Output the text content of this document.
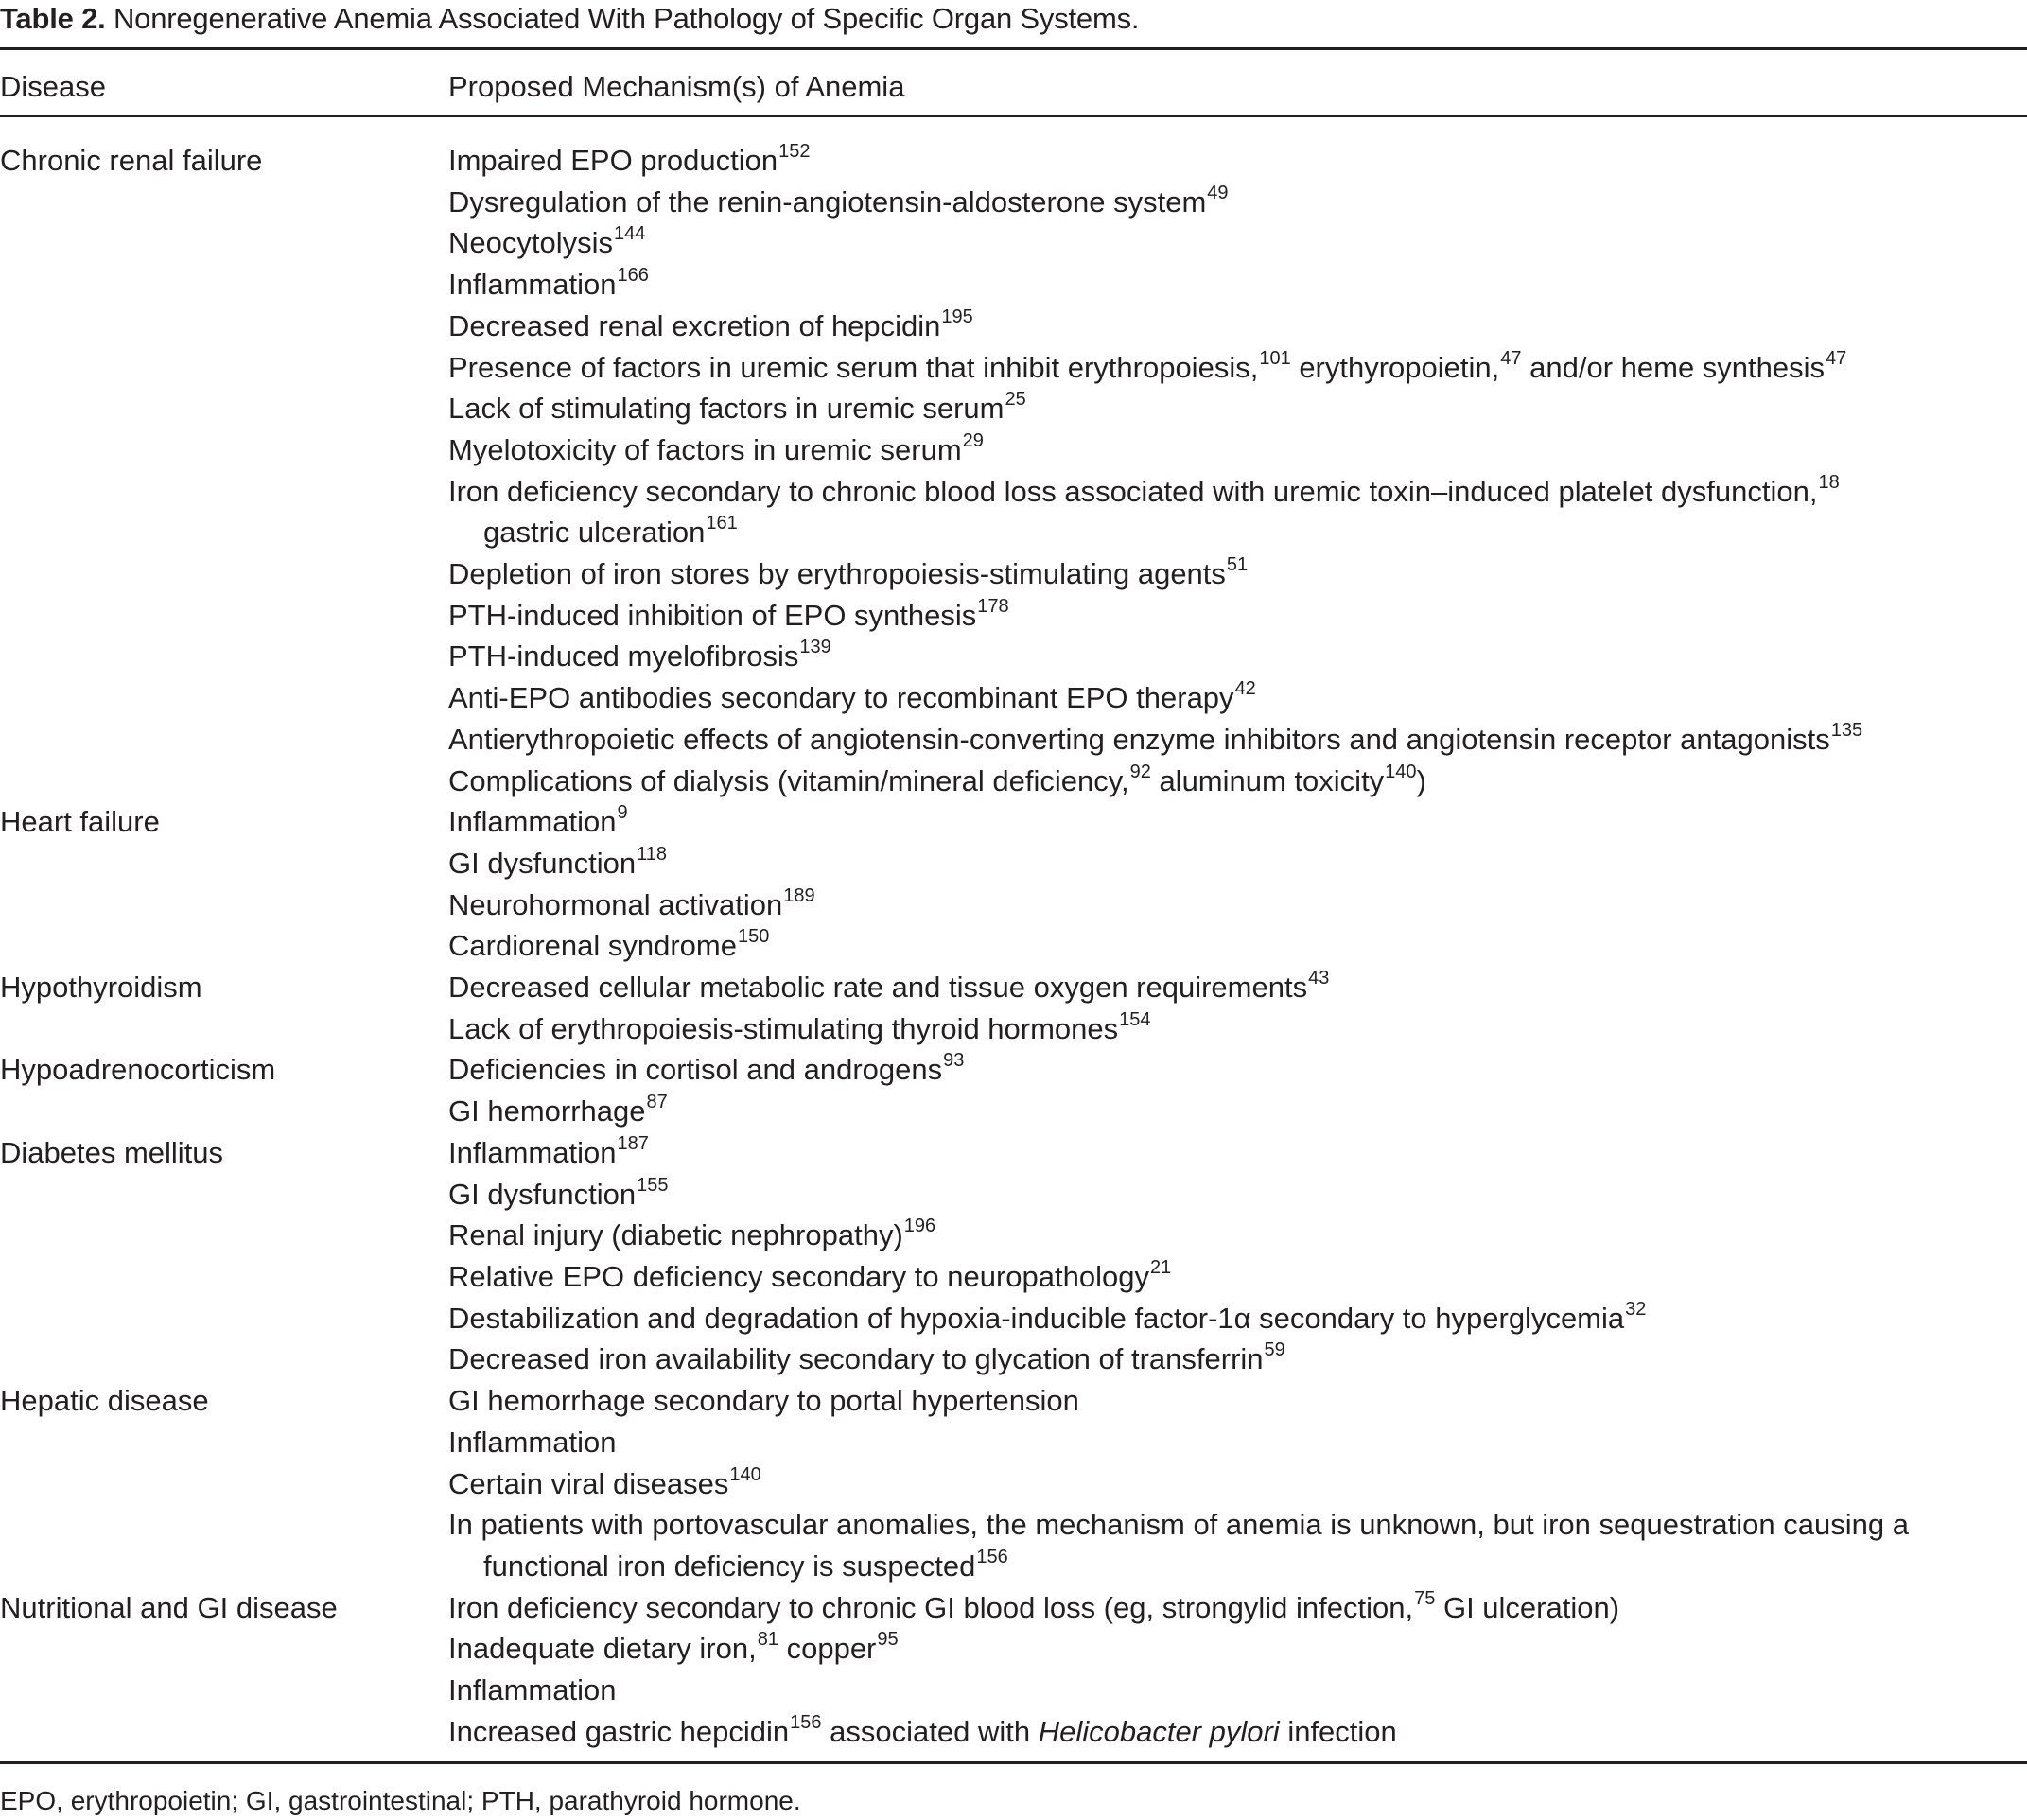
Table 2. Nonregenerative Anemia Associated With Pathology of Specific Organ Systems.
Disease	Proposed Mechanism(s) of Anemia
Chronic renal failure	Impaired EPO production$^{152}$
Dysregulation of the renin-angiotensin-aldosterone system$^{49}$
Neocytolysis$^{144}$
Inflammation$^{166}$
Decreased renal excretion of hepcidin$^{195}$
Presence of factors in uremic serum that inhibit erythropoiesis,$^{101}$ erythyropoietin,$^{47}$ and/or heme synthesis$^{47}$
Lack of stimulating factors in uremic serum$^{25}$
Myelotoxicity of factors in uremic serum$^{29}$
Iron deficiency secondary to chronic blood loss associated with uremic toxin–induced platelet dysfunction,$^{18}$
gastric ulceration$^{161}$
Depletion of iron stores by erythropoiesis-stimulating agents$^{51}$
PTH-induced inhibition of EPO synthesis$^{178}$
PTH-induced myelofibrosis$^{139}$
Anti-EPO antibodies secondary to recombinant EPO therapy$^{42}$
Antierythropoietic effects of angiotensin-converting enzyme inhibitors and angiotensin receptor antagonists$^{135}$
Complications of dialysis (vitamin/mineral deficiency,$^{92}$ aluminum toxicity$^{140}$)
Heart failure	Inflammation$^9$
GI dysfunction$^{118}$
Neurohormonal activation$^{189}$
Cardiorenal syndrome$^{150}$
Hypothyroidism	Decreased cellular metabolic rate and tissue oxygen requirements$^{43}$
Lack of erythropoiesis-stimulating thyroid hormones$^{154}$
Hypoadrenocorticism	Deficiencies in cortisol and androgens$^{93}$
GI hemorrhage$^{87}$
Diabetes mellitus	Inflammation$^{187}$
GI dysfunction$^{155}$
Renal injury (diabetic nephropathy)$^{196}$
Relative EPO deficiency secondary to neuropathology$^{21}$
Destabilization and degradation of hypoxia-inducible factor-1α secondary to hyperglycemia$^{32}$
Decreased iron availability secondary to glycation of transferrin$^{59}$
Hepatic disease	GI hemorrhage secondary to portal hypertension
Inflammation
Certain viral diseases$^{140}$
In patients with portovascular anomalies, the mechanism of anemia is unknown, but iron sequestration causing a
functional iron deficiency is suspected$^{156}$
Nutritional and GI disease	Iron deficiency secondary to chronic GI blood loss (eg, strongylid infection,$^{75}$ GI ulceration)
Inadequate dietary iron,$^{81}$ copper$^{95}$
Inflammation
Increased gastric hepcidin$^{156}$ associated with Helicobacter pylori infection
EPO, erythropoietin; GI, gastrointestinal; PTH, parathyroid hormone.
